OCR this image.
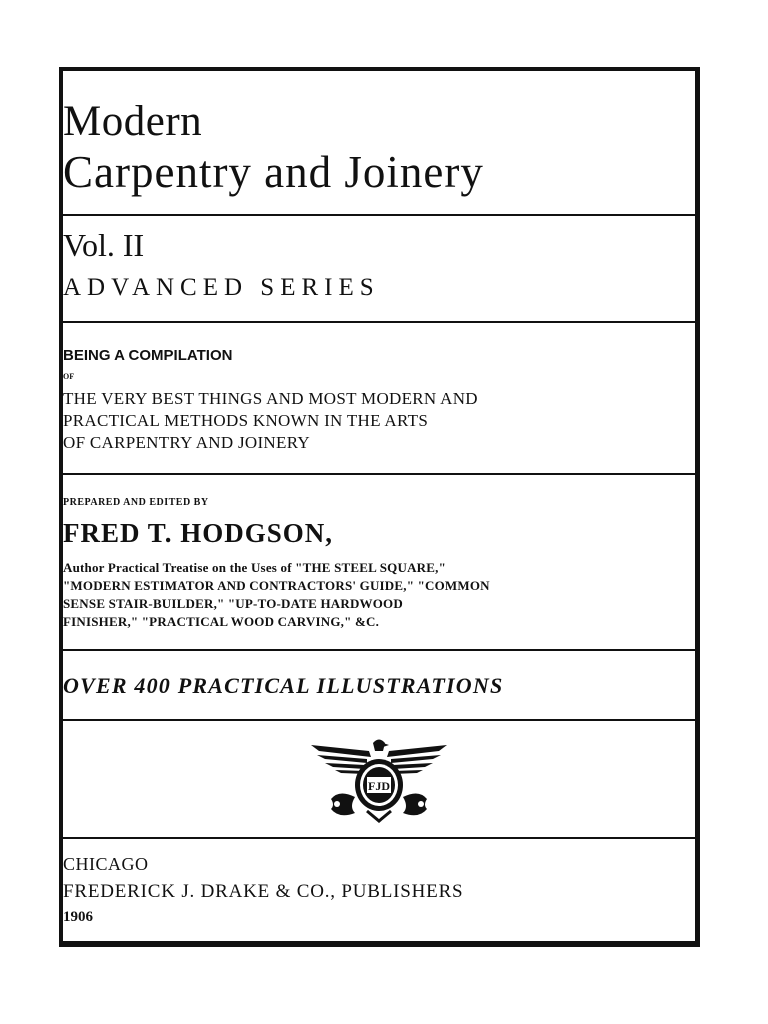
Modern
Carpentry and Joinery
Vol. II
ADVANCED SERIES
BEING A COMPILATION
OF
THE VERY BEST THINGS AND MOST MODERN AND
PRACTICAL METHODS KNOWN IN THE ARTS
OF CARPENTRY AND JOINERY
PREPARED AND EDITED BY
FRED T. HODGSON,
Author Practical Treatise on the Uses of "THE STEEL SQUARE,"
"MODERN ESTIMATOR AND CONTRACTORS' GUIDE," "COMMON
SENSE STAIR-BUILDER," "UP-TO-DATE HARDWOOD
FINISHER," "PRACTICAL WOOD CARVING," &C.
OVER 400 PRACTICAL ILLUSTRATIONS
FJD
CHICAGO
FREDERICK J. DRAKE & CO., PUBLISHERS
1906
